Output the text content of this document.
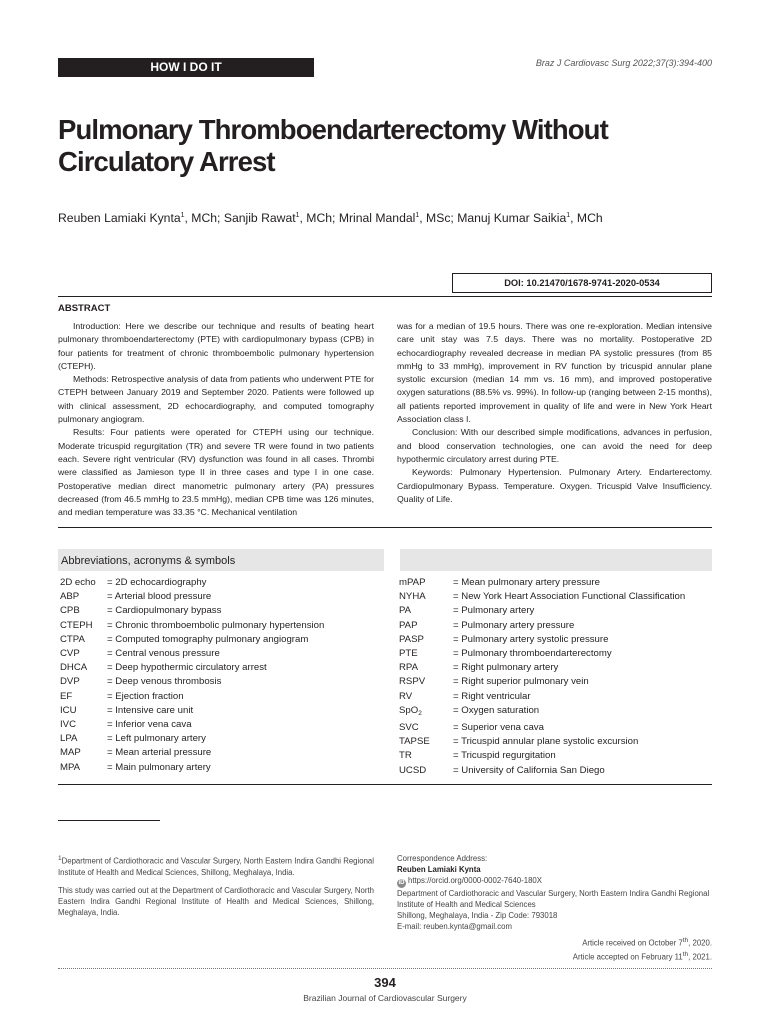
HOW I DO IT	Braz J Cardiovasc Surg 2022;37(3):394-400
Pulmonary Thromboendarterectomy Without
Circulatory Arrest
Reuben Lamiaki Kynta$^1$, MCh; Sanjib Rawat$^1$, MCh; Mrinal Mandal$^1$, MSc; Manuj Kumar Saikia$^1$, MCh
DOI: 10.21470/1678-9741-2020-0534
ABSTRACT

Introduction: Here we describe our technique and results of beating heart pulmonary thromboendarterectomy (PTE) with cardiopulmonary bypass (CPB) in four patients for treatment of chronic thromboembolic pulmonary hypertension (CTEPH).

Methods: Retrospective analysis of data from patients who underwent PTE for CTEPH between January 2019 and September 2020. Patients were followed up with clinical assessment, 2D echocardiography, and computed tomography pulmonary angiogram.

Results: Four patients were operated for CTEPH using our technique. Moderate tricuspid regurgitation (TR) and severe TR were found in two patients each. Severe right ventricular (RV) dysfunction was found in all cases. Thrombi were classified as Jamieson type II in three cases and type I in one case. Postoperative median direct manometric pulmonary artery (PA) pressures decreased (from 46.5 mmHg to 23.5 mmHg), median CPB time was 126 minutes, and median temperature was 33.35 °C. Mechanical ventilation

was for a median of 19.5 hours. There was one re-exploration. Median intensive care unit stay was 7.5 days. There was no mortality. Postoperative 2D echocardiography revealed decrease in median PA systolic pressures (from 85 mmHg to 33 mmHg), improvement in RV function by tricuspid annular plane systolic excursion (median 14 mm vs. 16 mm), and improved postoperative oxygen saturations (88.5% vs. 99%). In follow-up (ranging between 2-15 months), all patients reported improvement in quality of life and were in New York Heart Association class I.

Conclusion: With our described simple modifications, advances in perfusion, and blood conservation technologies, one can avoid the need for deep hypothermic circulatory arrest during PTE.

Keywords: Pulmonary Hypertension. Pulmonary Artery. Endarterectomy. Cardiopulmonary Bypass. Temperature. Oxygen. Tricuspid Valve Insufficiency. Quality of Life.

Abbreviations, acronyms & symbols
2D echo	= 2D echocardiography
ABP	= Arterial blood pressure
CPB	= Cardiopulmonary bypass
CTEPH	= Chronic thromboembolic pulmonary hypertension
CTPA	= Computed tomography pulmonary angiogram
CVP	= Central venous pressure
DHCA	= Deep hypothermic circulatory arrest
DVP	= Deep venous thrombosis
EF	= Ejection fraction
ICU	= Intensive care unit
IVC	= Inferior vena cava
LPA	= Left pulmonary artery
MAP	= Mean arterial pressure
MPA	= Main pulmonary artery
mPAP	= Mean pulmonary artery pressure
NYHA	= New York Heart Association Functional Classification
PA	= Pulmonary artery
PAP	= Pulmonary artery pressure
PASP	= Pulmonary artery systolic pressure
PTE	= Pulmonary thromboendarterectomy
RPA	= Right pulmonary artery
RSPV	= Right superior pulmonary vein
RV	= Right ventricular
SpO$_2$	= Oxygen saturation
SVC	= Superior vena cava
TAPSE	= Tricuspid annular plane systolic excursion
TR	= Tricuspid regurgitation
UCSD	= University of California San Diego
$^1$Department of Cardiothoracic and Vascular Surgery, North Eastern Indira Gandhi Regional Institute of Health and Medical Sciences, Shillong, Meghalaya, India.
This study was carried out at the Department of Cardiothoracic and Vascular Surgery, North Eastern Indira Gandhi Regional Institute of Health and Medical Sciences, Shillong, Meghalaya, India.
Correspondence Address:
Reuben Lamiaki Kynta
iD https://orcid.org/0000-0002-7640-180X
Department of Cardiothoracic and Vascular Surgery, North Eastern Indira Gandhi Regional Institute of Health and Medical Sciences
Shillong, Meghalaya, India - Zip Code: 793018
E-mail: reuben.kynta@gmail.com
Article received on October 7th, 2020.
Article accepted on February 11th, 2021.
394
Brazilian Journal of Cardiovascular Surgery
